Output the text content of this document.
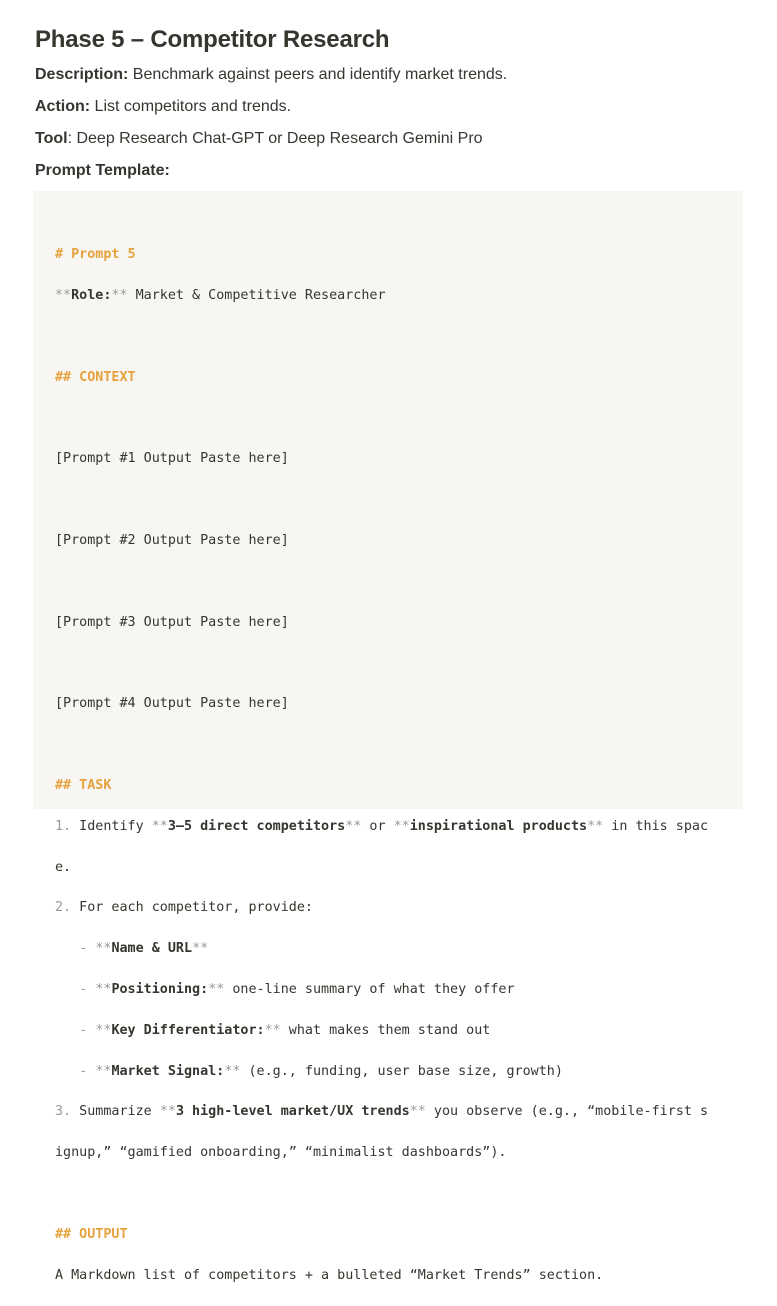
Phase 5 – Competitor Research
Description: Benchmark against peers and identify market trends.
Action: List competitors and trends.
Tool: Deep Research Chat-GPT or Deep Research Gemini Pro
Prompt Template:

# Prompt 5

**Role:** Market & Competitive Researcher

## CONTEXT

[Prompt #1 Output Paste here]

[Prompt #2 Output Paste here]

[Prompt #3 Output Paste here]

[Prompt #4 Output Paste here]

## TASK

1. Identify **3–5 direct competitors** or **inspirational products** in this spac

e.

2. For each competitor, provide:

- **Name & URL**

- **Positioning:** one-line summary of what they offer

- **Key Differentiator:** what makes them stand out

- **Market Signal:** (e.g., funding, user base size, growth)

3. Summarize **3 high-level market/UX trends** you observe (e.g., “mobile-first s

ignup,” “gamified onboarding,” “minimalist dashboards”).

## OUTPUT

A Markdown list of competitors + a bulleted “Market Trends” section.
